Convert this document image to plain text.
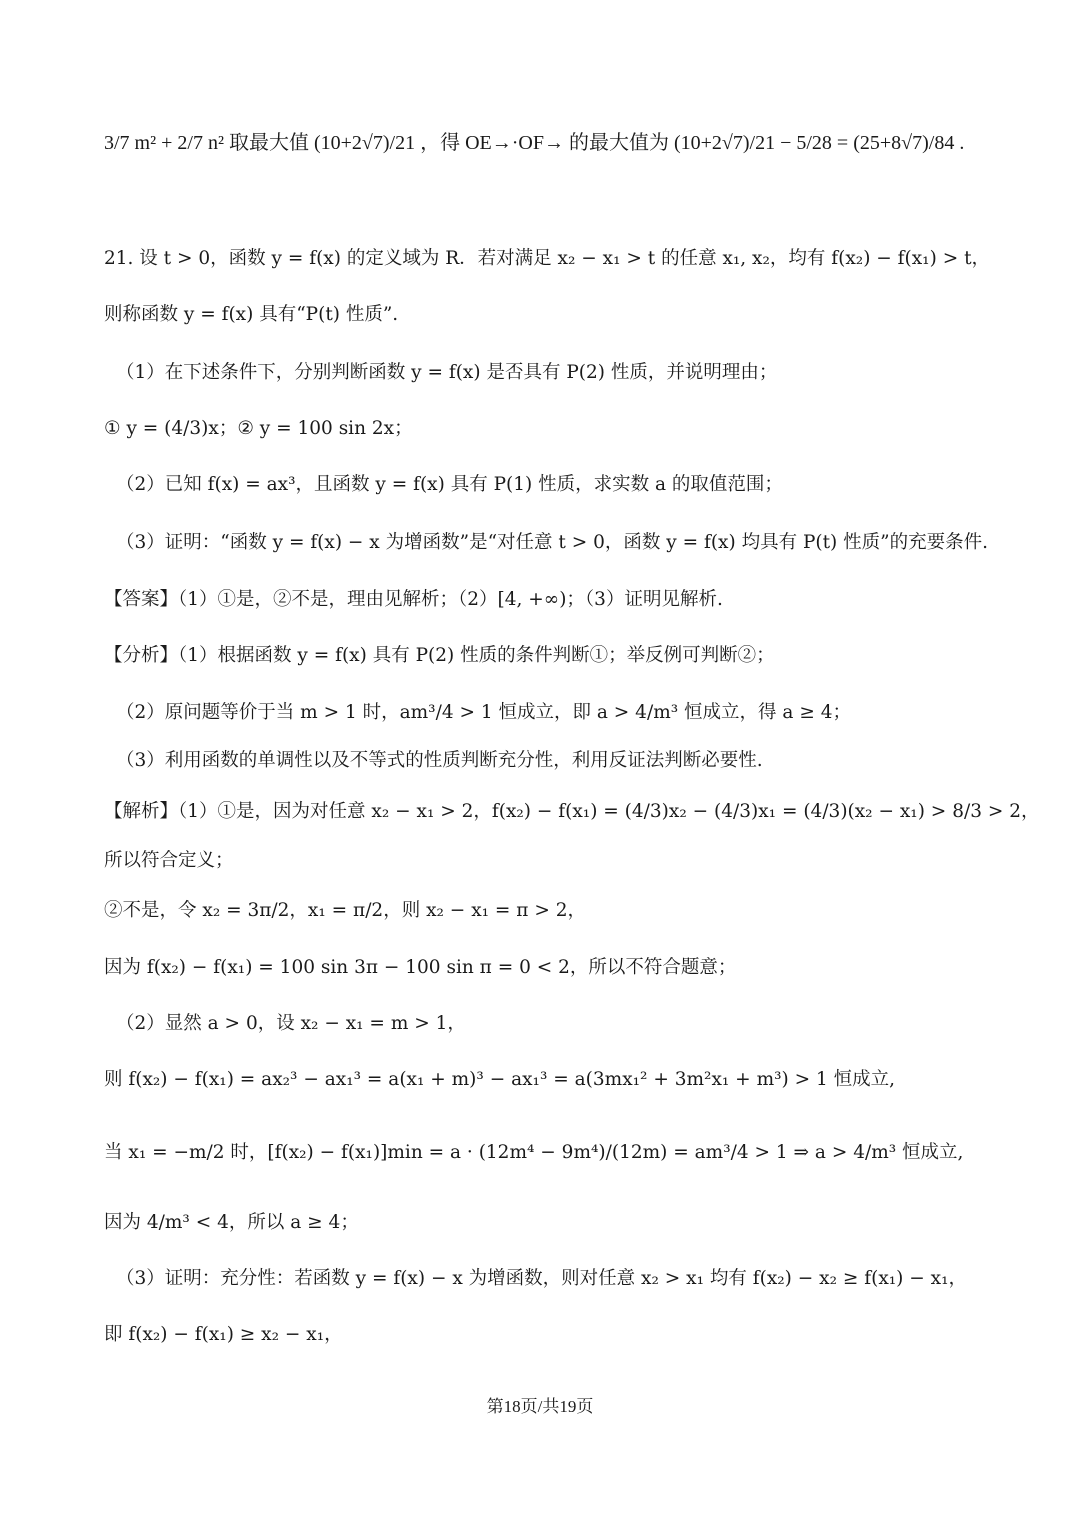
3/7 m² + 2/7 n² 取最大值 (10+2√7)/21 ，得 OE→·OF→ 的最大值为 (10+2√7)/21 − 5/28 = (25+8√7)/84 .
21. 设 t > 0，函数 y = f(x) 的定义域为 R．若对满足 x₂ − x₁ > t 的任意 x₁, x₂，均有 f(x₂) − f(x₁) > t，
则称函数 y = f(x) 具有“P(t) 性质”.
（1）在下述条件下，分别判断函数 y = f(x) 是否具有 P(2) 性质，并说明理由；
① y = (4/3)x；② y = 100 sin 2x；
（2）已知 f(x) = ax³，且函数 y = f(x) 具有 P(1) 性质，求实数 a 的取值范围；
（3）证明：“函数 y = f(x) − x 为增函数”是“对任意 t > 0，函数 y = f(x) 均具有 P(t) 性质”的充要条件.
【答案】（1）①是，②不是，理由见解析；（2）[4, +∞)；（3）证明见解析.
【分析】（1）根据函数 y = f(x) 具有 P(2) 性质的条件判断①；举反例可判断②；
（2）原问题等价于当 m > 1 时，am³/4 > 1 恒成立，即 a > 4/m³ 恒成立，得 a ≥ 4；
（3）利用函数的单调性以及不等式的性质判断充分性，利用反证法判断必要性.
【解析】（1）①是，因为对任意 x₂ − x₁ > 2，f(x₂) − f(x₁) = (4/3)x₂ − (4/3)x₁ = (4/3)(x₂ − x₁) > 8/3 > 2，
所以符合定义；
②不是，令 x₂ = 3π/2，x₁ = π/2，则 x₂ − x₁ = π > 2，
因为 f(x₂) − f(x₁) = 100 sin 3π − 100 sin π = 0 < 2，所以不符合题意；
（2）显然 a > 0，设 x₂ − x₁ = m > 1，
则 f(x₂) − f(x₁) = ax₂³ − ax₁³ = a(x₁ + m)³ − ax₁³ = a(3mx₁² + 3m²x₁ + m³) > 1 恒成立,
当 x₁ = −m/2 时，[f(x₂) − f(x₁)]min = a · (12m⁴ − 9m⁴)/(12m) = am³/4 > 1 ⇒ a > 4/m³ 恒成立,
因为 4/m³ < 4，所以 a ≥ 4；
（3）证明：充分性：若函数 y = f(x) − x 为增函数，则对任意 x₂ > x₁ 均有 f(x₂) − x₂ ≥ f(x₁) − x₁，
即 f(x₂) − f(x₁) ≥ x₂ − x₁，
第18页/共19页
